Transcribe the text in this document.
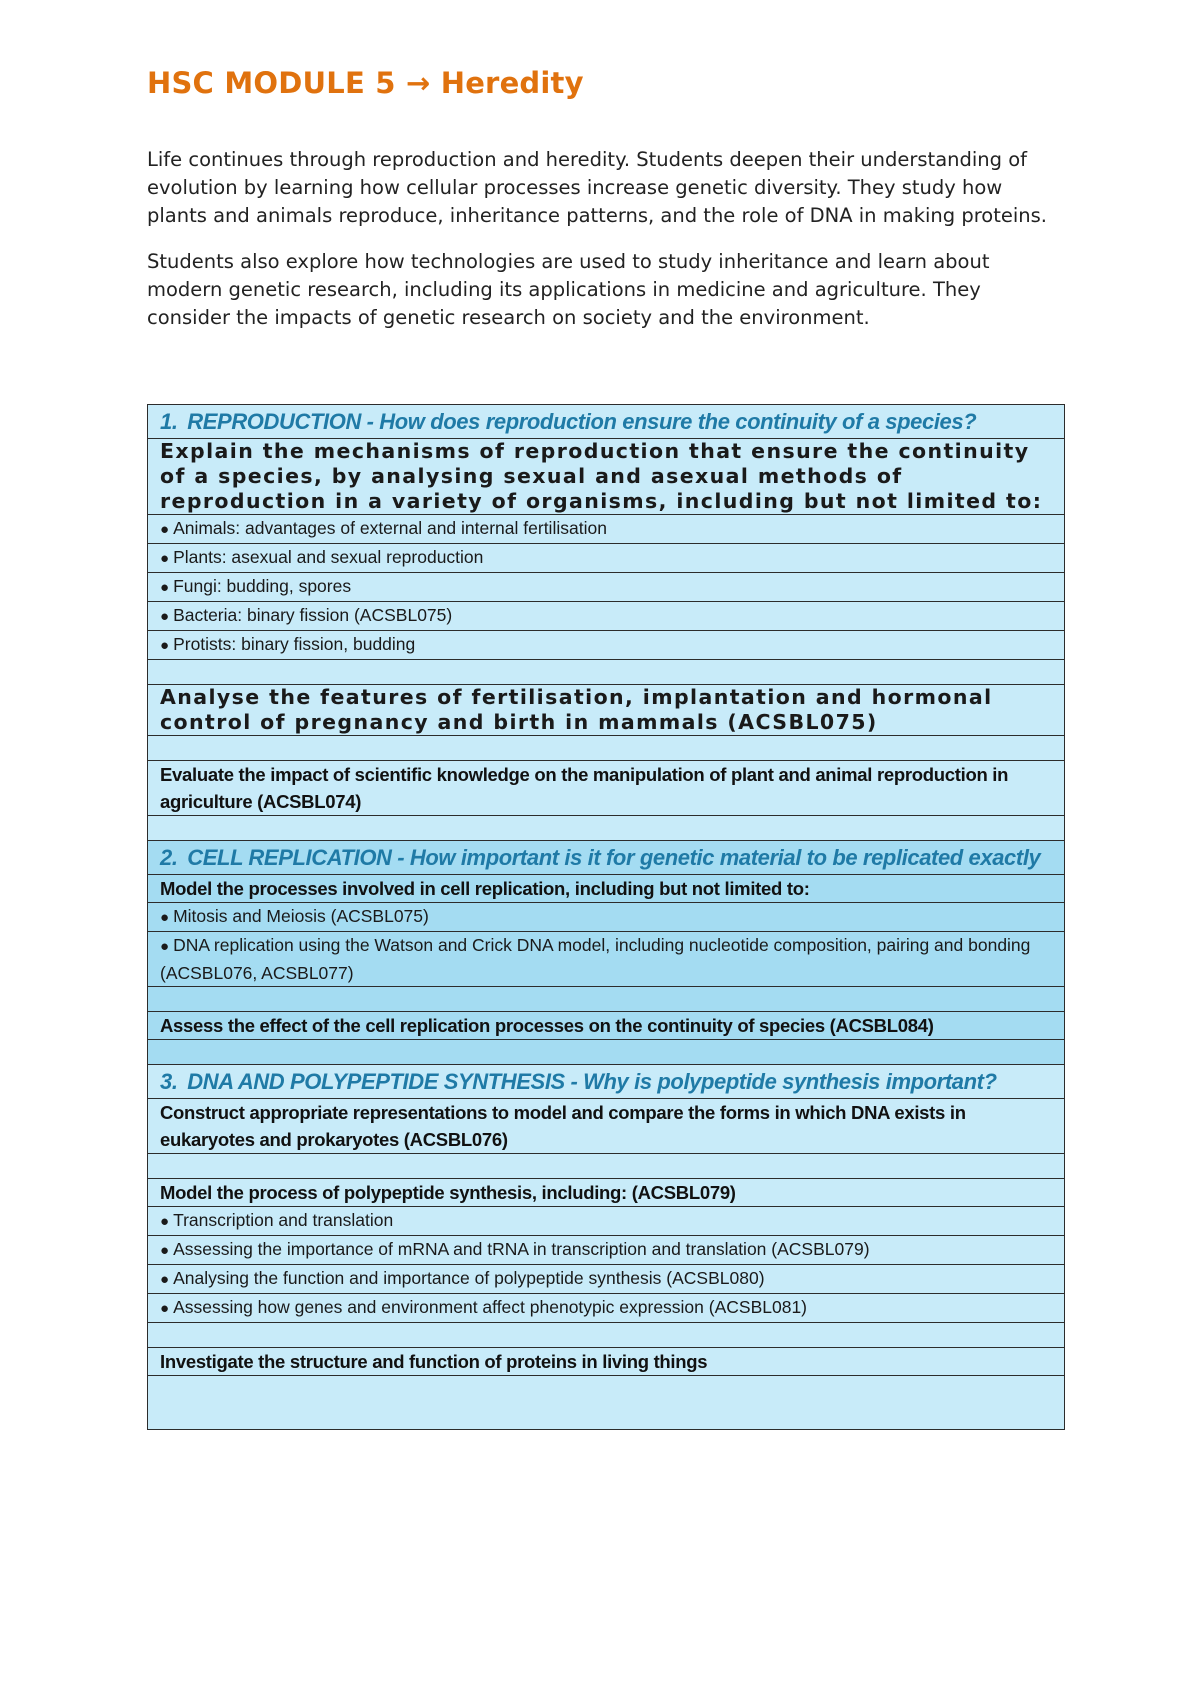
HSC MODULE 5 → Heredity

Life continues through reproduction and heredity. Students deepen their understanding of evolution by learning how cellular processes increase genetic diversity. They study how plants and animals reproduce, inheritance patterns, and the role of DNA in making proteins.

Students also explore how technologies are used to study inheritance and learn about modern genetic research, including its applications in medicine and agriculture. They consider the impacts of genetic research on society and the environment.

1. REPRODUCTION - How does reproduction ensure the continuity of a species?
Explain the mechanisms of reproduction that ensure the continuity of a species, by analysing sexual and asexual methods of reproduction in a variety of organisms, including but not limited to:
● Animals: advantages of external and internal fertilisation
● Plants: asexual and sexual reproduction
● Fungi: budding, spores
● Bacteria: binary fission (ACSBL075)
● Protists: binary fission, budding

Analyse the features of fertilisation, implantation and hormonal control of pregnancy and birth in mammals (ACSBL075)

Evaluate the impact of scientific knowledge on the manipulation of plant and animal reproduction in agriculture (ACSBL074)

2. CELL REPLICATION - How important is it for genetic material to be replicated exactly
Model the processes involved in cell replication, including but not limited to:
● Mitosis and Meiosis (ACSBL075)
● DNA replication using the Watson and Crick DNA model, including nucleotide composition, pairing and bonding (ACSBL076, ACSBL077)

Assess the effect of the cell replication processes on the continuity of species (ACSBL084)

3. DNA AND POLYPEPTIDE SYNTHESIS - Why is polypeptide synthesis important?
Construct appropriate representations to model and compare the forms in which DNA exists in eukaryotes and prokaryotes (ACSBL076)

Model the process of polypeptide synthesis, including: (ACSBL079)
● Transcription and translation
● Assessing the importance of mRNA and tRNA in transcription and translation (ACSBL079)
● Analysing the function and importance of polypeptide synthesis (ACSBL080)
● Assessing how genes and environment affect phenotypic expression (ACSBL081)

Investigate the structure and function of proteins in living things
